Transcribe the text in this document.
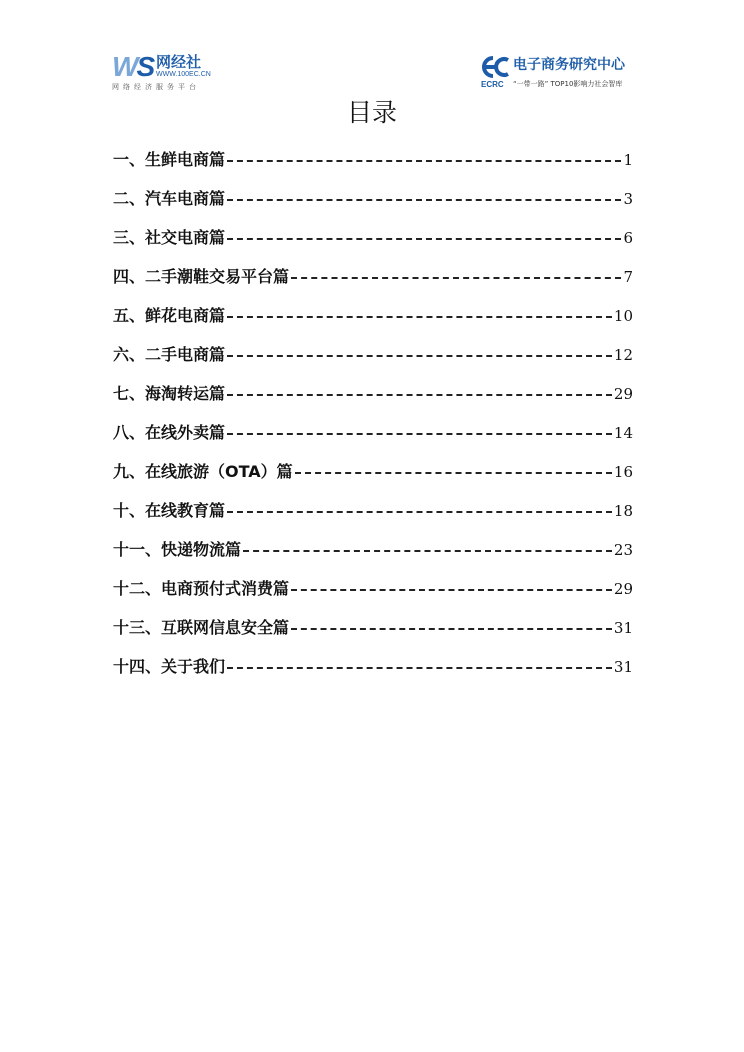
WS 网经社
WWW.100EC.CN
网络经济服务平台
电子商务研究中心
ECRC “一带一路” TOP10影响力社会智库
目录
一、生鲜电商篇	1
二、汽车电商篇	3
三、社交电商篇	6
四、二手潮鞋交易平台篇	7
五、鲜花电商篇	10
六、二手电商篇	12
七、海淘转运篇	29
八、在线外卖篇	14
九、在线旅游（OTA）篇	16
十、在线教育篇	18
十一、快递物流篇	23
十二、电商预付式消费篇	29
十三、互联网信息安全篇	31
十四、关于我们	31
